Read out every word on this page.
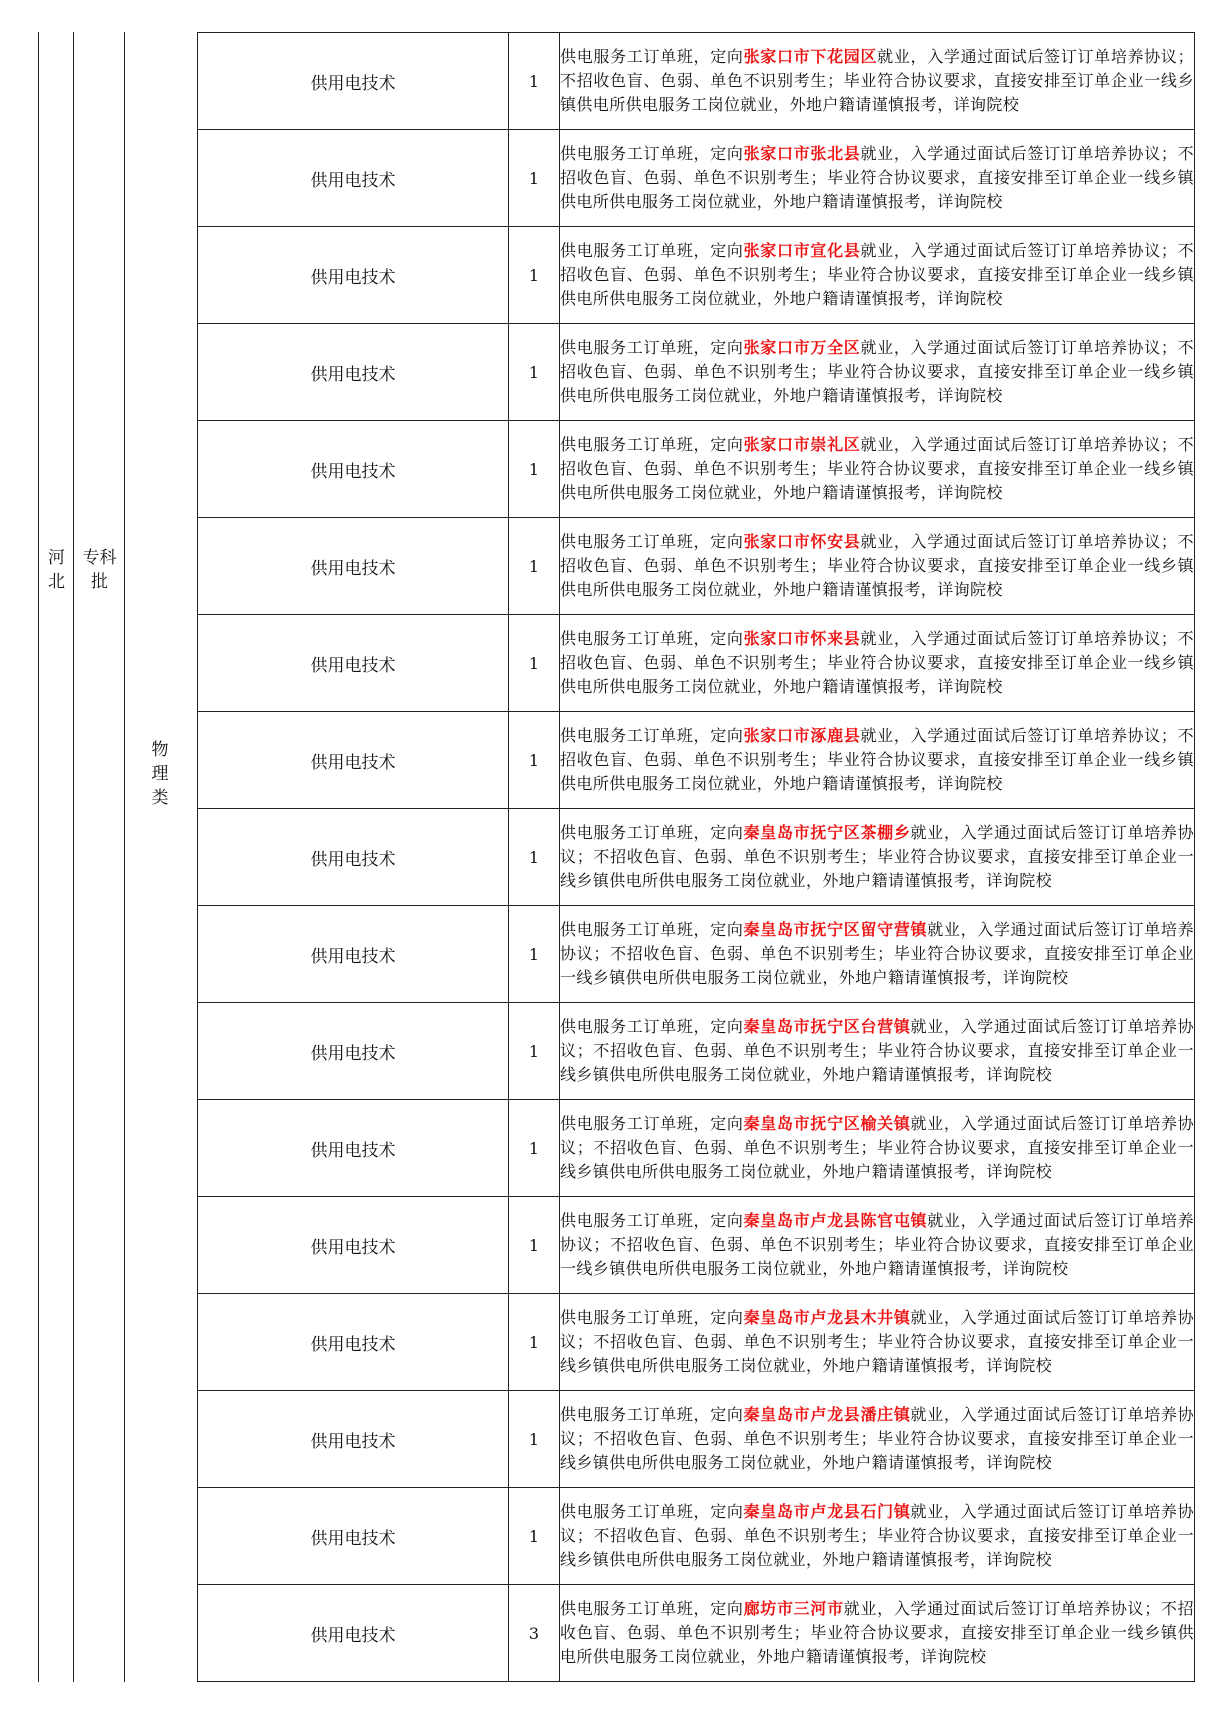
河北
专科批
物
理
类
供用电技术	1	供电服务工订单班，定向张家口市下花园区就业，入学通过面试后签订订单培养协议；不招收色盲、色弱、单色不识别考生；毕业符合协议要求，直接安排至订单企业一线乡镇供电所供电服务工岗位就业，外地户籍请谨慎报考，详询院校
供用电技术	1	供电服务工订单班，定向张家口市张北县就业，入学通过面试后签订订单培养协议；不招收色盲、色弱、单色不识别考生；毕业符合协议要求，直接安排至订单企业一线乡镇供电所供电服务工岗位就业，外地户籍请谨慎报考，详询院校
供用电技术	1	供电服务工订单班，定向张家口市宣化县就业，入学通过面试后签订订单培养协议；不招收色盲、色弱、单色不识别考生；毕业符合协议要求，直接安排至订单企业一线乡镇供电所供电服务工岗位就业，外地户籍请谨慎报考，详询院校
供用电技术	1	供电服务工订单班，定向张家口市万全区就业，入学通过面试后签订订单培养协议；不招收色盲、色弱、单色不识别考生；毕业符合协议要求，直接安排至订单企业一线乡镇供电所供电服务工岗位就业，外地户籍请谨慎报考，详询院校
供用电技术	1	供电服务工订单班，定向张家口市崇礼区就业，入学通过面试后签订订单培养协议；不招收色盲、色弱、单色不识别考生；毕业符合协议要求，直接安排至订单企业一线乡镇供电所供电服务工岗位就业，外地户籍请谨慎报考，详询院校
供用电技术	1	供电服务工订单班，定向张家口市怀安县就业，入学通过面试后签订订单培养协议；不招收色盲、色弱、单色不识别考生；毕业符合协议要求，直接安排至订单企业一线乡镇供电所供电服务工岗位就业，外地户籍请谨慎报考，详询院校
供用电技术	1	供电服务工订单班，定向张家口市怀来县就业，入学通过面试后签订订单培养协议；不招收色盲、色弱、单色不识别考生；毕业符合协议要求，直接安排至订单企业一线乡镇供电所供电服务工岗位就业，外地户籍请谨慎报考，详询院校
供用电技术	1	供电服务工订单班，定向张家口市涿鹿县就业，入学通过面试后签订订单培养协议；不招收色盲、色弱、单色不识别考生；毕业符合协议要求，直接安排至订单企业一线乡镇供电所供电服务工岗位就业，外地户籍请谨慎报考，详询院校
供用电技术	1	供电服务工订单班，定向秦皇岛市抚宁区茶棚乡就业，入学通过面试后签订订单培养协议；不招收色盲、色弱、单色不识别考生；毕业符合协议要求，直接安排至订单企业一线乡镇供电所供电服务工岗位就业，外地户籍请谨慎报考，详询院校
供用电技术	1	供电服务工订单班，定向秦皇岛市抚宁区留守营镇就业，入学通过面试后签订订单培养协议；不招收色盲、色弱、单色不识别考生；毕业符合协议要求，直接安排至订单企业一线乡镇供电所供电服务工岗位就业，外地户籍请谨慎报考，详询院校
供用电技术	1	供电服务工订单班，定向秦皇岛市抚宁区台营镇就业，入学通过面试后签订订单培养协议；不招收色盲、色弱、单色不识别考生；毕业符合协议要求，直接安排至订单企业一线乡镇供电所供电服务工岗位就业，外地户籍请谨慎报考，详询院校
供用电技术	1	供电服务工订单班，定向秦皇岛市抚宁区榆关镇就业，入学通过面试后签订订单培养协议；不招收色盲、色弱、单色不识别考生；毕业符合协议要求，直接安排至订单企业一线乡镇供电所供电服务工岗位就业，外地户籍请谨慎报考，详询院校
供用电技术	1	供电服务工订单班，定向秦皇岛市卢龙县陈官屯镇就业，入学通过面试后签订订单培养协议；不招收色盲、色弱、单色不识别考生；毕业符合协议要求，直接安排至订单企业一线乡镇供电所供电服务工岗位就业，外地户籍请谨慎报考，详询院校
供用电技术	1	供电服务工订单班，定向秦皇岛市卢龙县木井镇就业，入学通过面试后签订订单培养协议；不招收色盲、色弱、单色不识别考生；毕业符合协议要求，直接安排至订单企业一线乡镇供电所供电服务工岗位就业，外地户籍请谨慎报考，详询院校
供用电技术	1	供电服务工订单班，定向秦皇岛市卢龙县潘庄镇就业，入学通过面试后签订订单培养协议；不招收色盲、色弱、单色不识别考生；毕业符合协议要求，直接安排至订单企业一线乡镇供电所供电服务工岗位就业，外地户籍请谨慎报考，详询院校
供用电技术	1	供电服务工订单班，定向秦皇岛市卢龙县石门镇就业，入学通过面试后签订订单培养协议；不招收色盲、色弱、单色不识别考生；毕业符合协议要求，直接安排至订单企业一线乡镇供电所供电服务工岗位就业，外地户籍请谨慎报考，详询院校
供用电技术	3	供电服务工订单班，定向廊坊市三河市就业，入学通过面试后签订订单培养协议；不招收色盲、色弱、单色不识别考生；毕业符合协议要求，直接安排至订单企业一线乡镇供电所供电服务工岗位就业，外地户籍请谨慎报考，详询院校
